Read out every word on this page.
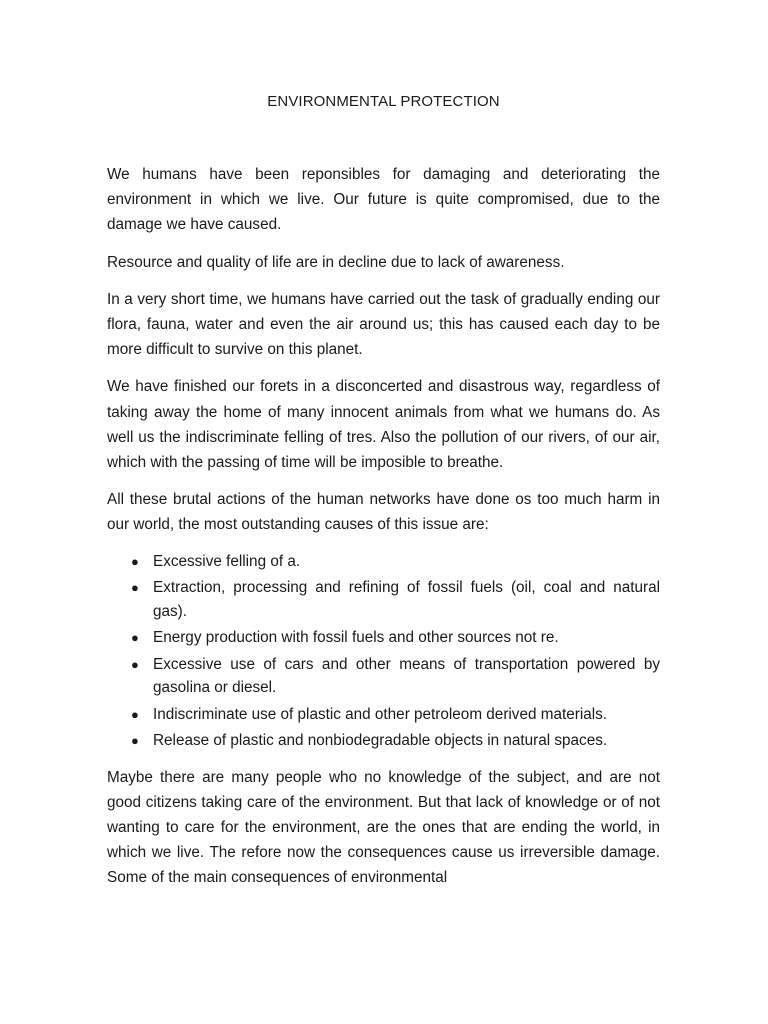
ENVIRONMENTAL PROTECTION

We humans have been reponsibles for damaging and deteriorating the environment in which we live. Our future is quite compromised, due to the damage we have caused.

Resource and quality of life are in decline due to lack of awareness.

In a very short time, we humans have carried out the task of gradually ending our flora, fauna, water and even the air around us; this has caused each day to be more difficult to survive on this planet.

We have finished our forets in a disconcerted and disastrous way, regardless of taking away the home of many innocent animals from what we humans do. As well us the indiscriminate felling of tres. Also the pollution of our rivers, of our air, which with the passing of time will be imposible to breathe.

All these brutal actions of the human networks have done os too much harm in our world, the most outstanding causes of this issue are:

● Excessive felling of a.
● Extraction, processing and refining of fossil fuels (oil, coal and natural gas).
● Energy production with fossil fuels and other sources not re.
● Excessive use of cars and other means of transportation powered by gasolina or diesel.
● Indiscriminate use of plastic and other petroleom derived materials.
● Release of plastic and nonbiodegradable objects in natural spaces.

Maybe there are many people who no knowledge of the subject, and are not good citizens taking care of the environment. But that lack of knowledge or of not wanting to care for the environment, are the ones that are ending the world, in which we live. The refore now the consequences cause us irreversible damage. Some of the main consequences of environmental
